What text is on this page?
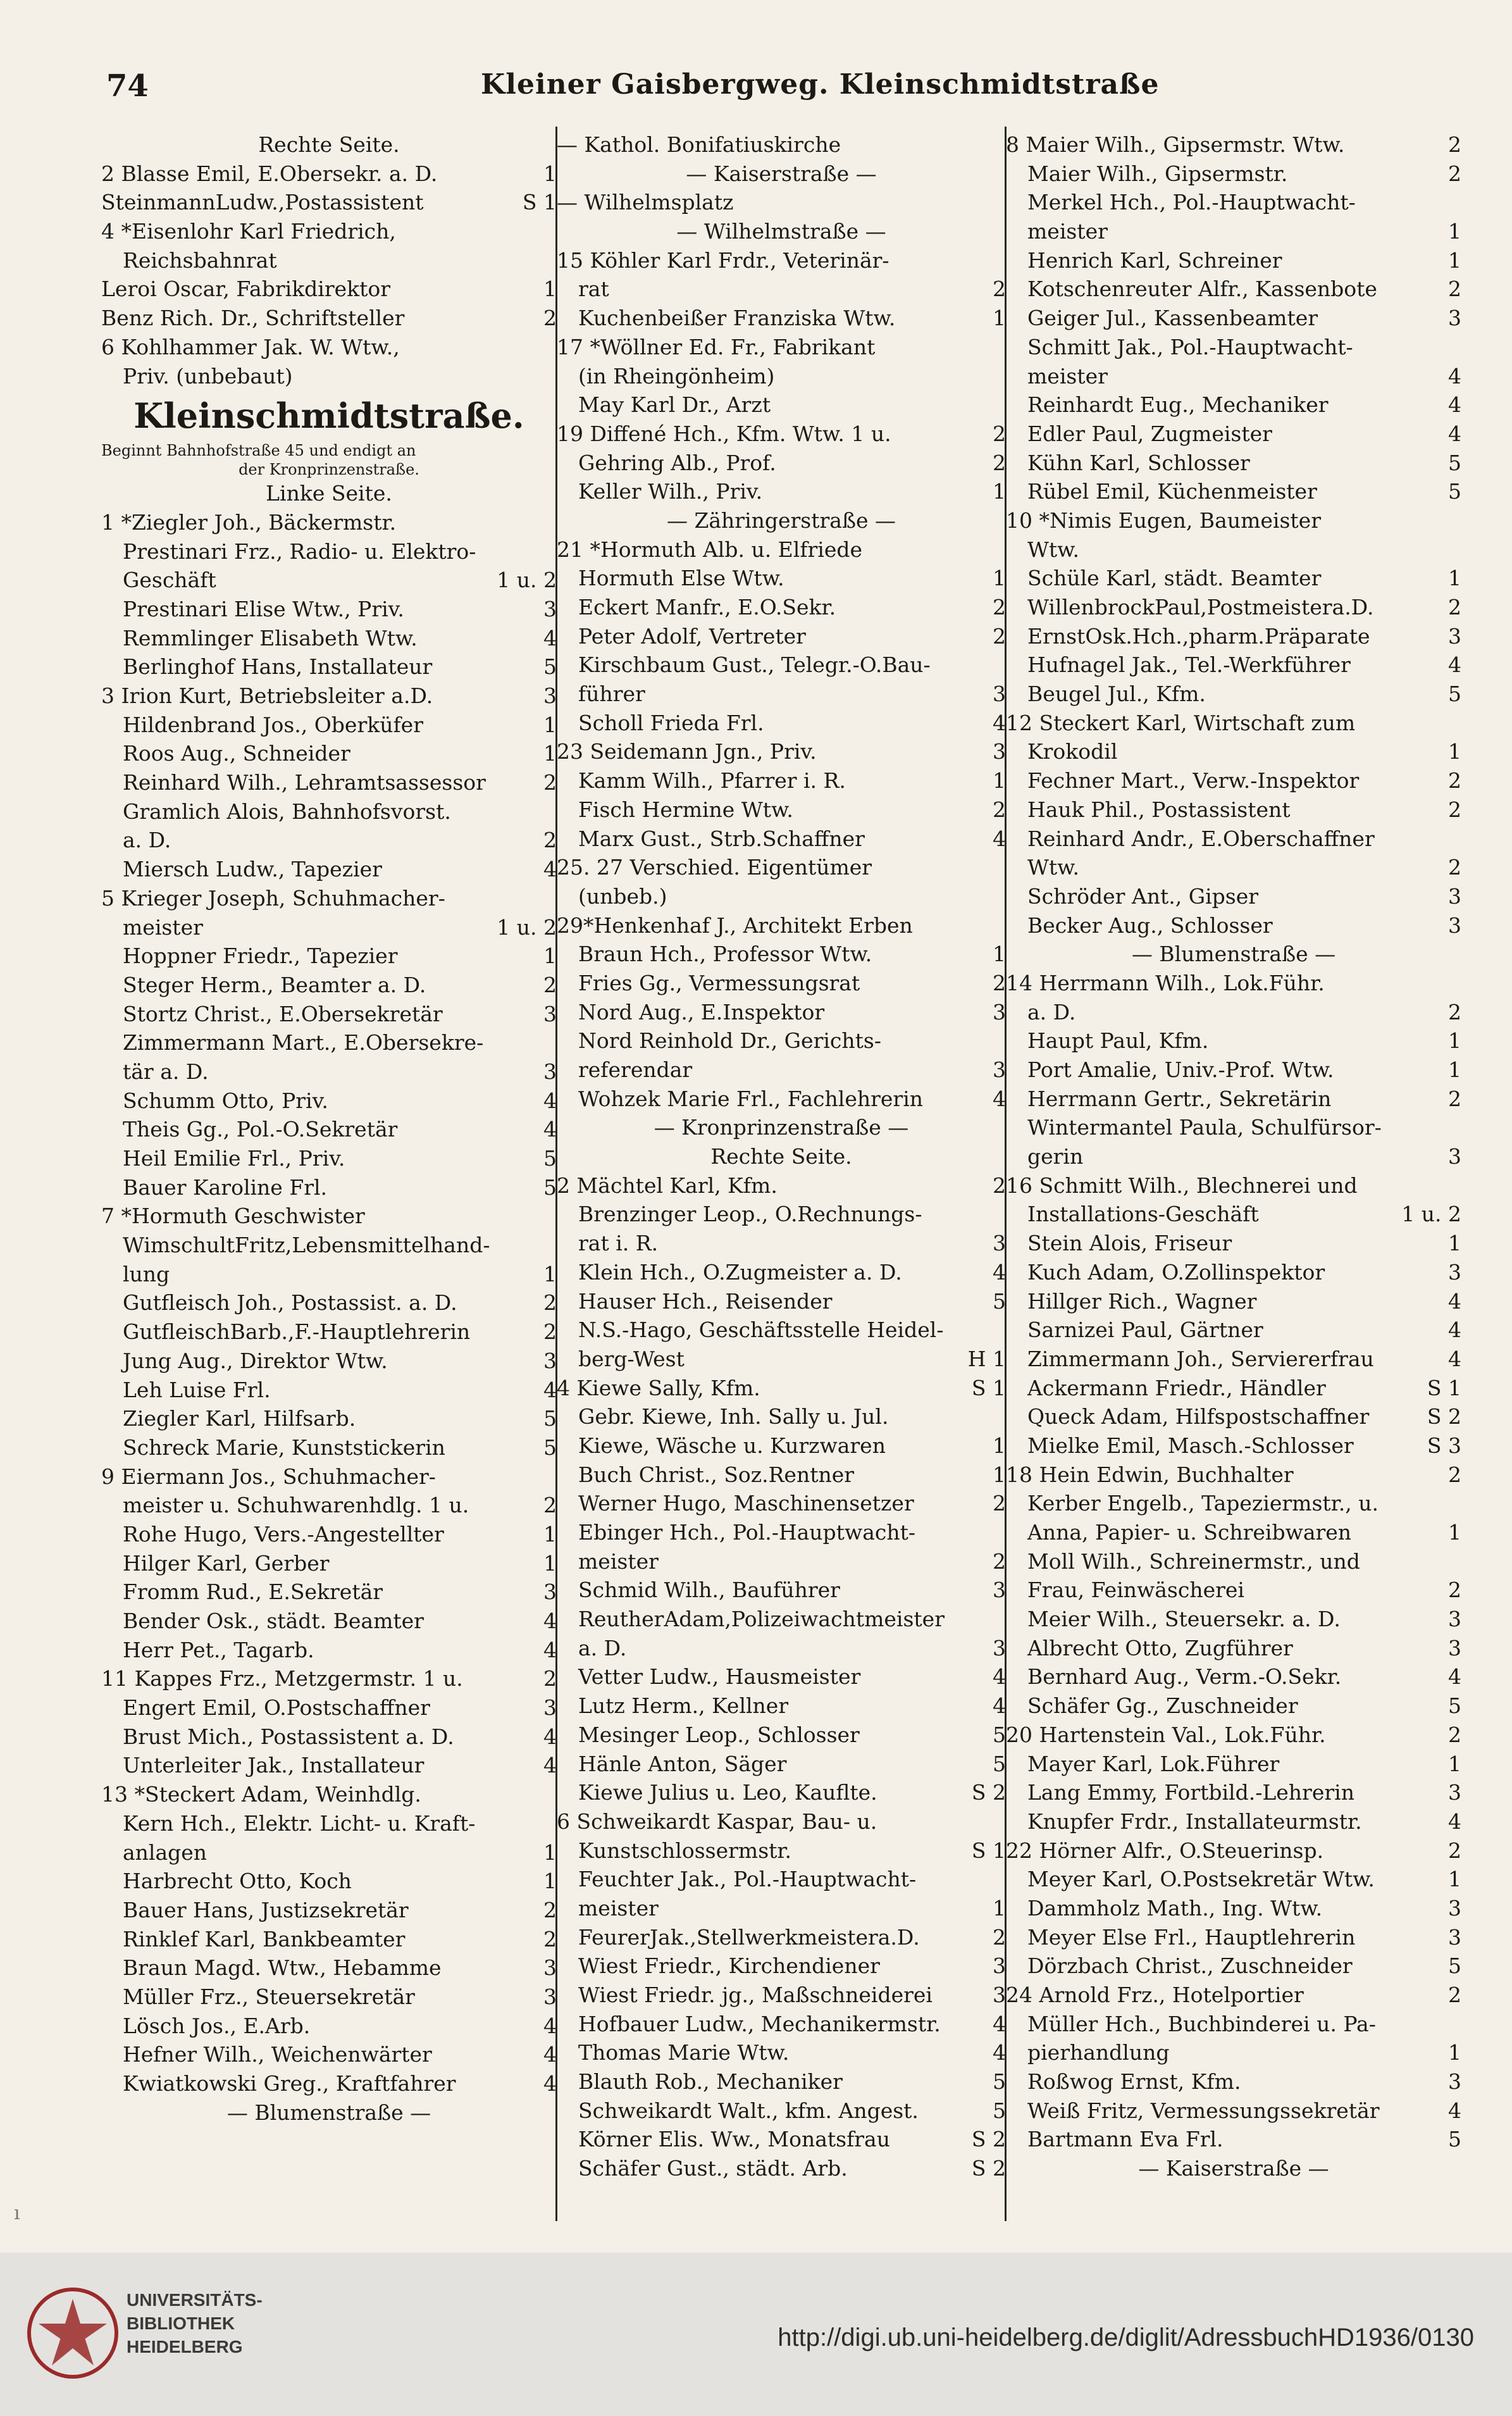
74	Kleiner Gaisbergweg. Kleinschmidtstraße
Rechte Seite.
2 Blasse Emil, E.Obersekr. a. D.	1
SteinmannLudw.,Postassistent	S 1
4 *Eisenlohr Karl Friedrich,
Reichsbahnrat
Leroi Oscar, Fabrikdirektor	1
Benz Rich. Dr., Schriftsteller	2
6 Kohlhammer Jak. W. Wtw.,
Priv. (unbebaut)
Kleinschmidtstraße.
Beginnt Bahnhofstraße 45 und endigt an
der Kronprinzenstraße.
Linke Seite.
1 *Ziegler Joh., Bäckermstr.
Prestinari Frz., Radio- u. Elektro-
Geschäft	1 u. 2
Prestinari Elise Wtw., Priv.	3
Remmlinger Elisabeth Wtw.	4
Berlinghof Hans, Installateur	5
3 Irion Kurt, Betriebsleiter a.D.	3
Hildenbrand Jos., Oberküfer	1
Roos Aug., Schneider	1
Reinhard Wilh., Lehramtsassessor	2
Gramlich Alois, Bahnhofsvorst.
a. D.	2
Miersch Ludw., Tapezier	4
5 Krieger Joseph, Schuhmacher-
meister	1 u. 2
Hoppner Friedr., Tapezier	1
Steger Herm., Beamter a. D.	2
Stortz Christ., E.Obersekretär	3
Zimmermann Mart., E.Obersekre-
tär a. D.	3
Schumm Otto, Priv.	4
Theis Gg., Pol.-O.Sekretär	4
Heil Emilie Frl., Priv.	5
Bauer Karoline Frl.	5
7 *Hormuth Geschwister
WimschultFritz,Lebensmittelhand-
lung	1
Gutfleisch Joh., Postassist. a. D.	2
GutfleischBarb.,F.-Hauptlehrerin	2
Jung Aug., Direktor Wtw.	3
Leh Luise Frl.	4
Ziegler Karl, Hilfsarb.	5
Schreck Marie, Kunststickerin	5
9 Eiermann Jos., Schuhmacher-
meister u. Schuhwarenhdlg. 1 u.	2
Rohe Hugo, Vers.-Angestellter	1
Hilger Karl, Gerber	1
Fromm Rud., E.Sekretär	3
Bender Osk., städt. Beamter	4
Herr Pet., Tagarb.	4
11 Kappes Frz., Metzgermstr. 1 u.	2
Engert Emil, O.Postschaffner	3
Brust Mich., Postassistent a. D.	4
Unterleiter Jak., Installateur	4
13 *Steckert Adam, Weinhdlg.
Kern Hch., Elektr. Licht- u. Kraft-
anlagen	1
Harbrecht Otto, Koch	1
Bauer Hans, Justizsekretär	2
Rinklef Karl, Bankbeamter	2
Braun Magd. Wtw., Hebamme	3
Müller Frz., Steuersekretär	3
Lösch Jos., E.Arb.	4
Hefner Wilh., Weichenwärter	4
Kwiatkowski Greg., Kraftfahrer	4
— Blumenstraße —
— Kathol. Bonifatiuskirche
— Kaiserstraße —
— Wilhelmsplatz
— Wilhelmstraße —
15 Köhler Karl Frdr., Veterinär-
rat	2
Kuchenbeißer Franziska Wtw.	1
17 *Wöllner Ed. Fr., Fabrikant
(in Rheingönheim)
May Karl Dr., Arzt
19 Diffené Hch., Kfm. Wtw. 1 u.	2
Gehring Alb., Prof.	2
Keller Wilh., Priv.	1
— Zähringerstraße —
21 *Hormuth Alb. u. Elfriede
Hormuth Else Wtw.	1
Eckert Manfr., E.O.Sekr.	2
Peter Adolf, Vertreter	2
Kirschbaum Gust., Telegr.-O.Bau-
führer	3
Scholl Frieda Frl.	4
23 Seidemann Jgn., Priv.	3
Kamm Wilh., Pfarrer i. R.	1
Fisch Hermine Wtw.	2
Marx Gust., Strb.Schaffner	4
25. 27 Verschied. Eigentümer
(unbeb.)
29*Henkenhaf J., Architekt Erben
Braun Hch., Professor Wtw.	1
Fries Gg., Vermessungsrat	2
Nord Aug., E.Inspektor	3
Nord Reinhold Dr., Gerichts-
referendar	3
Wohzek Marie Frl., Fachlehrerin	4
— Kronprinzenstraße —
Rechte Seite.
2 Mächtel Karl, Kfm.	2
Brenzinger Leop., O.Rechnungs-
rat i. R.	3
Klein Hch., O.Zugmeister a. D.	4
Hauser Hch., Reisender	5
N.S.-Hago, Geschäftsstelle Heidel-
berg-West	H 1
4 Kiewe Sally, Kfm.	S 1
Gebr. Kiewe, Inh. Sally u. Jul.
Kiewe, Wäsche u. Kurzwaren	1
Buch Christ., Soz.Rentner	1
Werner Hugo, Maschinensetzer	2
Ebinger Hch., Pol.-Hauptwacht-
meister	2
Schmid Wilh., Bauführer	3
ReutherAdam,Polizeiwachtmeister
a. D.	3
Vetter Ludw., Hausmeister	4
Lutz Herm., Kellner	4
Mesinger Leop., Schlosser	5
Hänle Anton, Säger	5
Kiewe Julius u. Leo, Kauflte.	S 2
6 Schweikardt Kaspar, Bau- u.
Kunstschlossermstr.	S 1
Feuchter Jak., Pol.-Hauptwacht-
meister	1
FeurerJak.,Stellwerkmeistera.D.	2
Wiest Friedr., Kirchendiener	3
Wiest Friedr. jg., Maßschneiderei	3
Hofbauer Ludw., Mechanikermstr.	4
Thomas Marie Wtw.	4
Blauth Rob., Mechaniker	5
Schweikardt Walt., kfm. Angest.	5
Körner Elis. Ww., Monatsfrau	S 2
Schäfer Gust., städt. Arb.	S 2
8 Maier Wilh., Gipsermstr. Wtw.	2
Maier Wilh., Gipsermstr.	2
Merkel Hch., Pol.-Hauptwacht-
meister	1
Henrich Karl, Schreiner	1
Kotschenreuter Alfr., Kassenbote	2
Geiger Jul., Kassenbeamter	3
Schmitt Jak., Pol.-Hauptwacht-
meister	4
Reinhardt Eug., Mechaniker	4
Edler Paul, Zugmeister	4
Kühn Karl, Schlosser	5
Rübel Emil, Küchenmeister	5
10 *Nimis Eugen, Baumeister
Wtw.
Schüle Karl, städt. Beamter	1
WillenbrockPaul,Postmeistera.D.	2
ErnstOsk.Hch.,pharm.Präparate	3
Hufnagel Jak., Tel.-Werkführer	4
Beugel Jul., Kfm.	5
12 Steckert Karl, Wirtschaft zum
Krokodil	1
Fechner Mart., Verw.-Inspektor	2
Hauk Phil., Postassistent	2
Reinhard Andr., E.Oberschaffner
Wtw.	2
Schröder Ant., Gipser	3
Becker Aug., Schlosser	3
— Blumenstraße —
14 Herrmann Wilh., Lok.Führ.
a. D.	2
Haupt Paul, Kfm.	1
Port Amalie, Univ.-Prof. Wtw.	1
Herrmann Gertr., Sekretärin	2
Wintermantel Paula, Schulfürsor-
gerin	3
16 Schmitt Wilh., Blechnerei und
Installations-Geschäft	1 u. 2
Stein Alois, Friseur	1
Kuch Adam, O.Zollinspektor	3
Hillger Rich., Wagner	4
Sarnizei Paul, Gärtner	4
Zimmermann Joh., Serviererfrau	4
Ackermann Friedr., Händler	S 1
Queck Adam, Hilfspostschaffner	S 2
Mielke Emil, Masch.-Schlosser	S 3
18 Hein Edwin, Buchhalter	2
Kerber Engelb., Tapeziermstr., u.
Anna, Papier- u. Schreibwaren	1
Moll Wilh., Schreinermstr., und
Frau, Feinwäscherei	2
Meier Wilh., Steuersekr. a. D.	3
Albrecht Otto, Zugführer	3
Bernhard Aug., Verm.-O.Sekr.	4
Schäfer Gg., Zuschneider	5
20 Hartenstein Val., Lok.Führ.	2
Mayer Karl, Lok.Führer	1
Lang Emmy, Fortbild.-Lehrerin	3
Knupfer Frdr., Installateurmstr.	4
22 Hörner Alfr., O.Steuerinsp.	2
Meyer Karl, O.Postsekretär Wtw.	1
Dammholz Math., Ing. Wtw.	3
Meyer Else Frl., Hauptlehrerin	3
Dörzbach Christ., Zuschneider	5
24 Arnold Frz., Hotelportier	2
Müller Hch., Buchbinderei u. Pa-
pierhandlung	1
Roßwog Ernst, Kfm.	3
Weiß Fritz, Vermessungssekretär	4
Bartmann Eva Frl.	5
— Kaiserstraße —
ı
UNIVERSITÄTS-
BIBLIOTHEK
HEIDELBERG	http://digi.ub.uni-heidelberg.de/diglit/AdressbuchHD1936/0130
